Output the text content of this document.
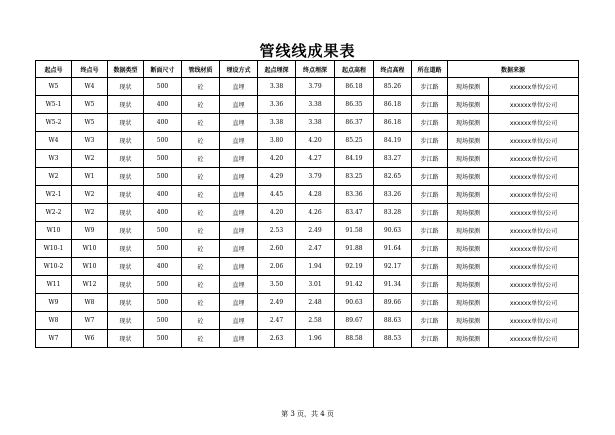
管线线成果表
起点号	终点号	数据类型	断面尺寸	管线材质	埋设方式	起点埋深	终点埋深	起点高程	终点高程	所在道路	数据来源	
W5	W4	现状	500	砼	直埋	3.38	3.79	86.18	85.26	步江路	现场探测	xxxxxx单位/公司
W5-1	W5	现状	400	砼	直埋	3.36	3.38	86.35	86.18	步江路	现场探测	xxxxxx单位/公司
W5-2	W5	现状	400	砼	直埋	3.38	3.38	86.37	86.18	步江路	现场探测	xxxxxx单位/公司
W4	W3	现状	500	砼	直埋	3.80	4.20	85.25	84.19	步江路	现场探测	xxxxxx单位/公司
W3	W2	现状	500	砼	直埋	4.20	4.27	84.19	83.27	步江路	现场探测	xxxxxx单位/公司
W2	W1	现状	500	砼	直埋	4.29	3.79	83.25	82.65	步江路	现场探测	xxxxxx单位/公司
W2-1	W2	现状	400	砼	直埋	4.45	4.28	83.36	83.26	步江路	现场探测	xxxxxx单位/公司
W2-2	W2	现状	400	砼	直埋	4.20	4.26	83.47	83.28	步江路	现场探测	xxxxxx单位/公司
W10	W9	现状	500	砼	直埋	2.53	2.49	91.58	90.63	步江路	现场探测	xxxxxx单位/公司
W10-1	W10	现状	500	砼	直埋	2.60	2.47	91.88	91.64	步江路	现场探测	xxxxxx单位/公司
W10-2	W10	现状	400	砼	直埋	2.06	1.94	92.19	92.17	步江路	现场探测	xxxxxx单位/公司
W11	W12	现状	500	砼	直埋	3.50	3.01	91.42	91.34	步江路	现场探测	xxxxxx单位/公司
W9	W8	现状	500	砼	直埋	2.49	2.48	90.63	89.66	步江路	现场探测	xxxxxx单位/公司
W8	W7	现状	500	砼	直埋	2.47	2.58	89.67	88.63	步江路	现场探测	xxxxxx单位/公司
W7	W6	现状	500	砼	直埋	2.63	1.96	88.58	88.53	步江路	现场探测	xxxxxx单位/公司
第 3 页，共 4 页
